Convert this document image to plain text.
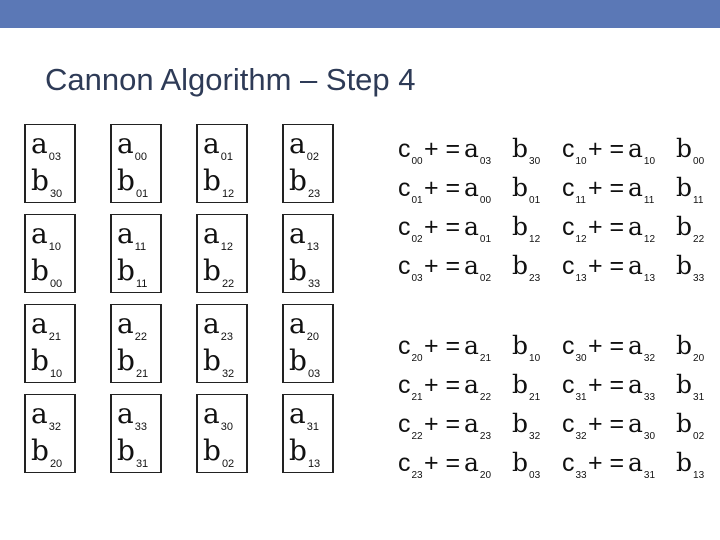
Cannon Algorithm – Step 4
$a_{03}$
$b_{30}$
$a_{00}$
$b_{01}$
$a_{01}$
$b_{12}$
$a_{02}$
$b_{23}$
$a_{10}$
$b_{00}$
$a_{11}$
$b_{11}$
$a_{12}$
$b_{22}$
$a_{13}$
$b_{33}$
$a_{21}$
$b_{10}$
$a_{22}$
$b_{21}$
$a_{23}$
$b_{32}$
$a_{20}$
$b_{03}$
$a_{32}$
$b_{20}$
$a_{33}$
$b_{31}$
$a_{30}$
$b_{02}$
$a_{31}$
$b_{13}$
$c_{00}$ + = $a_{03}$ $b_{30}$ $c_{10}$ + = $a_{10}$ $b_{00}$
$c_{01}$ + = $a_{00}$ $b_{01}$ $c_{11}$ + = $a_{11}$ $b_{11}$
$c_{02}$ + = $a_{01}$ $b_{12}$ $c_{12}$ + = $a_{12}$ $b_{22}$
$c_{03}$ + = $a_{02}$ $b_{23}$ $c_{13}$ + = $a_{13}$ $b_{33}$
$c_{20}$ + = $a_{21}$ $b_{10}$ $c_{30}$ + = $a_{32}$ $b_{20}$
$c_{21}$ + = $a_{22}$ $b_{21}$ $c_{31}$ + = $a_{33}$ $b_{31}$
$c_{22}$ + = $a_{23}$ $b_{32}$ $c_{32}$ + = $a_{30}$ $b_{02}$
$c_{23}$ + = $a_{20}$ $b_{03}$ $c_{33}$ + = $a_{31}$ $b_{13}$
